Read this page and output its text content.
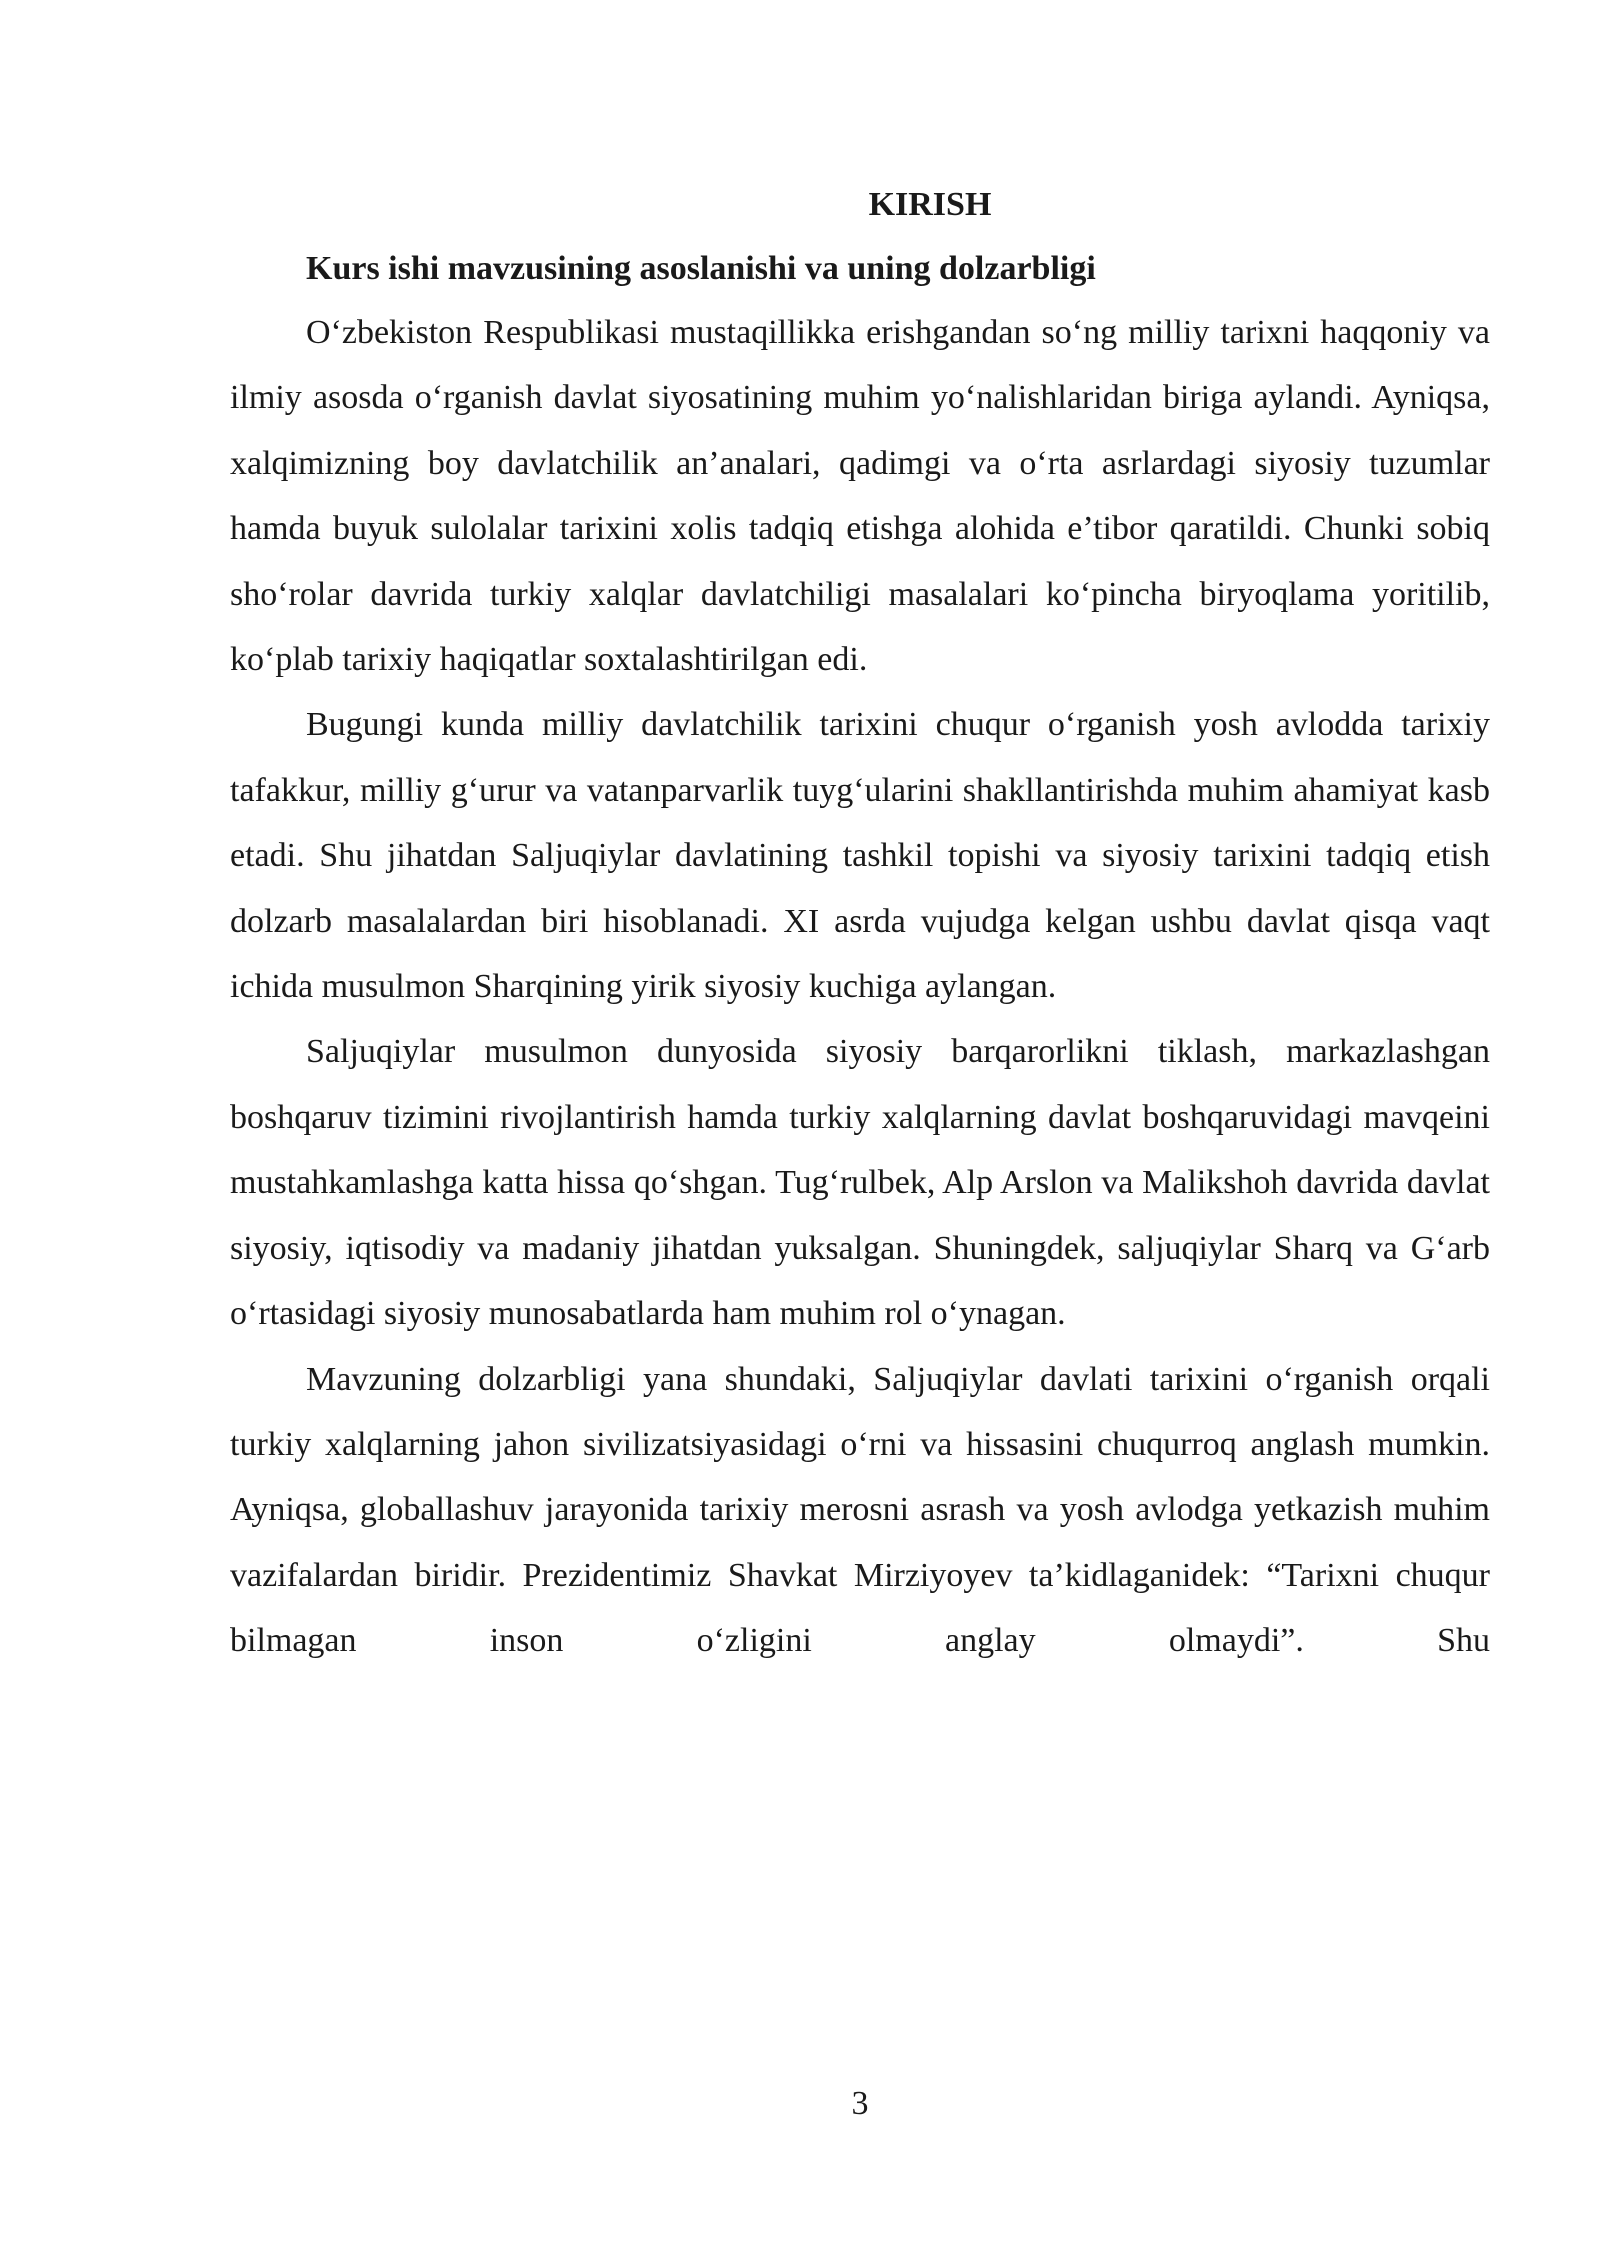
KIRISH
Kurs ishi mavzusining asoslanishi va uning dolzarbligi

O‘zbekiston Respublikasi mustaqillikka erishgandan so‘ng milliy tarixni haqqoniy va ilmiy asosda o‘rganish davlat siyosatining muhim yo‘nalishlaridan biriga aylandi. Ayniqsa, xalqimizning boy davlatchilik an’analari, qadimgi va o‘rta asrlardagi siyosiy tuzumlar hamda buyuk sulolalar tarixini xolis tadqiq etishga alohida e’tibor qaratildi. Chunki sobiq sho‘rolar davrida turkiy xalqlar davlatchiligi masalalari ko‘pincha biryoqlama yoritilib, ko‘plab tarixiy haqiqatlar soxtalashtirilgan edi.

Bugungi kunda milliy davlatchilik tarixini chuqur o‘rganish yosh avlodda tarixiy tafakkur, milliy g‘urur va vatanparvarlik tuyg‘ularini shakllantirishda muhim ahamiyat kasb etadi. Shu jihatdan Saljuqiylar davlatining tashkil topishi va siyosiy tarixini tadqiq etish dolzarb masalalardan biri hisoblanadi. XI asrda vujudga kelgan ushbu davlat qisqa vaqt ichida musulmon Sharqining yirik siyosiy kuchiga aylangan.

Saljuqiylar musulmon dunyosida siyosiy barqarorlikni tiklash, markazlashgan boshqaruv tizimini rivojlantirish hamda turkiy xalqlarning davlat boshqaruvidagi mavqeini mustahkamlashga katta hissa qo‘shgan. Tug‘rulbek, Alp Arslon va Malikshoh davrida davlat siyosiy, iqtisodiy va madaniy jihatdan yuksalgan. Shuningdek, saljuqiylar Sharq va G‘arb o‘rtasidagi siyosiy munosabatlarda ham muhim rol o‘ynagan.

Mavzuning dolzarbligi yana shundaki, Saljuqiylar davlati tarixini o‘rganish orqali turkiy xalqlarning jahon sivilizatsiyasidagi o‘rni va hissasini chuqurroq anglash mumkin. Ayniqsa, globallashuv jarayonida tarixiy merosni asrash va yosh avlodga yetkazish muhim vazifalardan biridir. Prezidentimiz Shavkat Mirziyoyev ta’kidlaganidek: “Tarixni chuqur bilmagan inson o‘zligini anglay olmaydi”. Shu

3
